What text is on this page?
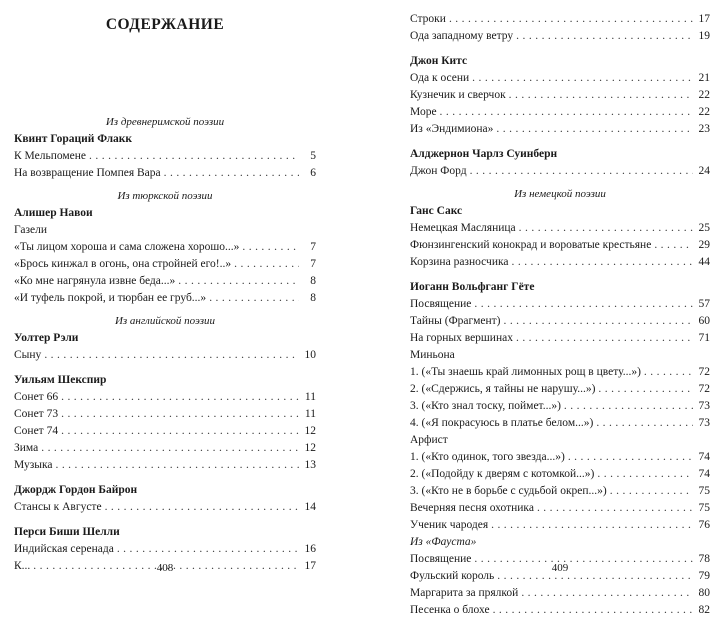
СОДЕРЖАНИЕ
Из древнеримской поэзии
Квинт Гораций Флакк
К Мельпомене . . .	5
На возвращение Помпея Вара . . .	6
Из тюркской поэзии
Алишер Навои
Газели
«Ты лицом хороша и сама сложена хорошо...» . . .	7
«Брось кинжал в огонь, она стройней его!..» . . .	7
«Ко мне нагрянула извне беда...» . . .	8
«И туфель покрой, и тюрбан ее груб...» . . .	8
Из английской поэзии
Уолтер Рэли
Сыну . . .	10
Уильям Шекспир
Сонет 66 . . .	11
Сонет 73 . . .	11
Сонет 74 . . .	12
Зима . . .	12
Музыка . . .	13
Джордж Гордон Байрон
Стансы к Августе . . .	14
Перси Биши Шелли
Индийская серенада . . .	16
К... . . .	17
408
Строки . . .	17
Ода западному ветру . . .	19
Джон Китс
Ода к осени . . .	21
Кузнечик и сверчок . . .	22
Море . . .	22
Из «Эндимиона» . . .	23
Алджернон Чарлз Суинберн
Джон Форд . . .	24
Из немецкой поэзии
Ганс Сакс
Немецкая Масляница . . .	25
Фюнзингенский конокрад и вороватые крестьяне . . .	29
Корзина разносчика . . .	44
Иоганн Вольфганг Гёте
Посвящение . . .	57
Тайны (Фрагмент) . . .	60
На горных вершинах . . .	71
Миньона
1. («Ты знаешь край лимонных рощ в цвету...») . . .	72
2. («Сдержись, я тайны не нарушу...») . . .	72
3. («Кто знал тоску, поймет...») . . .	73
4. («Я покрасуюсь в платье белом...») . . .	73
Арфист
1. («Кто одинок, того звезда...») . . .	74
2. («Подойду к дверям с котомкой...») . . .	74
3. («Кто не в борьбе с судьбой окреп...») . . .	75
Вечерняя песня охотника . . .	75
Ученик чародея . . .	76
Из «Фауста»
Посвящение . . .	78
Фульский король . . .	79
Маргарита за прялкой . . .	80
Песенка о блохе . . .	82
409
